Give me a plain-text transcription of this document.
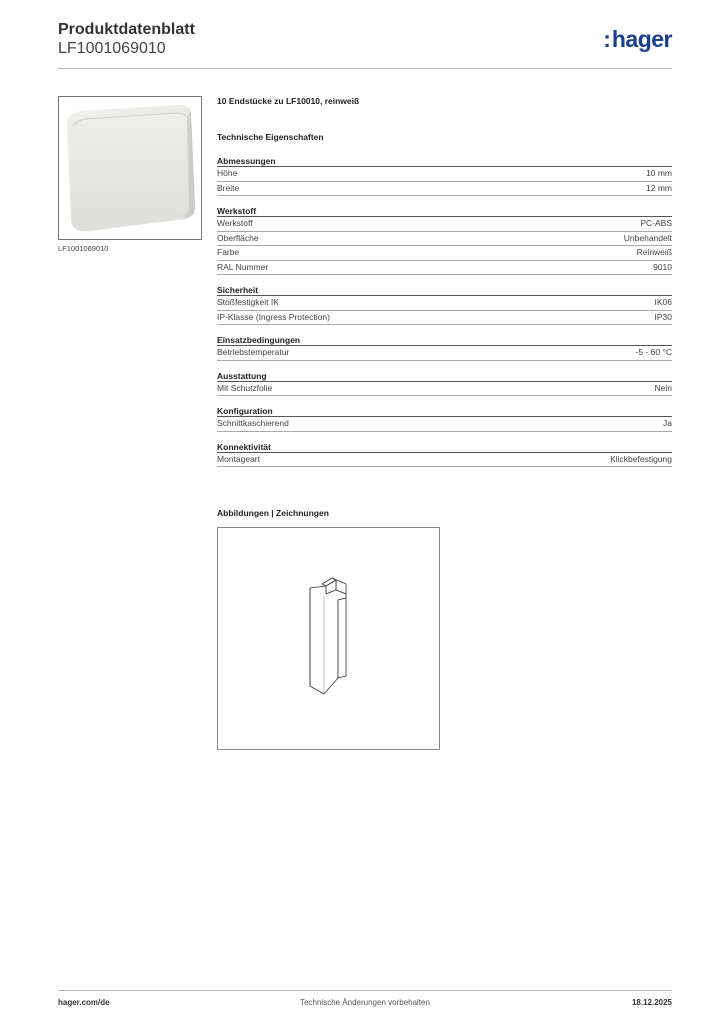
Produktdatenblatt
LF1001069010	:hager
LF1001069010
10 Endstücke zu LF10010, reinweiß
Technische Eigenschaften
Abmessungen
Höhe	10 mm
Breite	12 mm
Werkstoff
Werkstoff	PC-ABS
Oberfläche	Unbehandelt
Farbe	Reinweiß
RAL Nummer	9010
Sicherheit
Stoßfestigkeit IK	IK06
IP-Klasse (Ingress Protection)	IP30
Einsatzbedingungen
Betriebstemperatur	-5 - 60 °C
Ausstattung
Mit Schutzfolie	Nein
Konfiguration
Schnittkaschierend	Ja
Konnektivität
Montageart	Klickbefestigung
Abbildungen | Zeichnungen
hager.com/de	Technische Änderungen vorbehalten	18.12.2025
